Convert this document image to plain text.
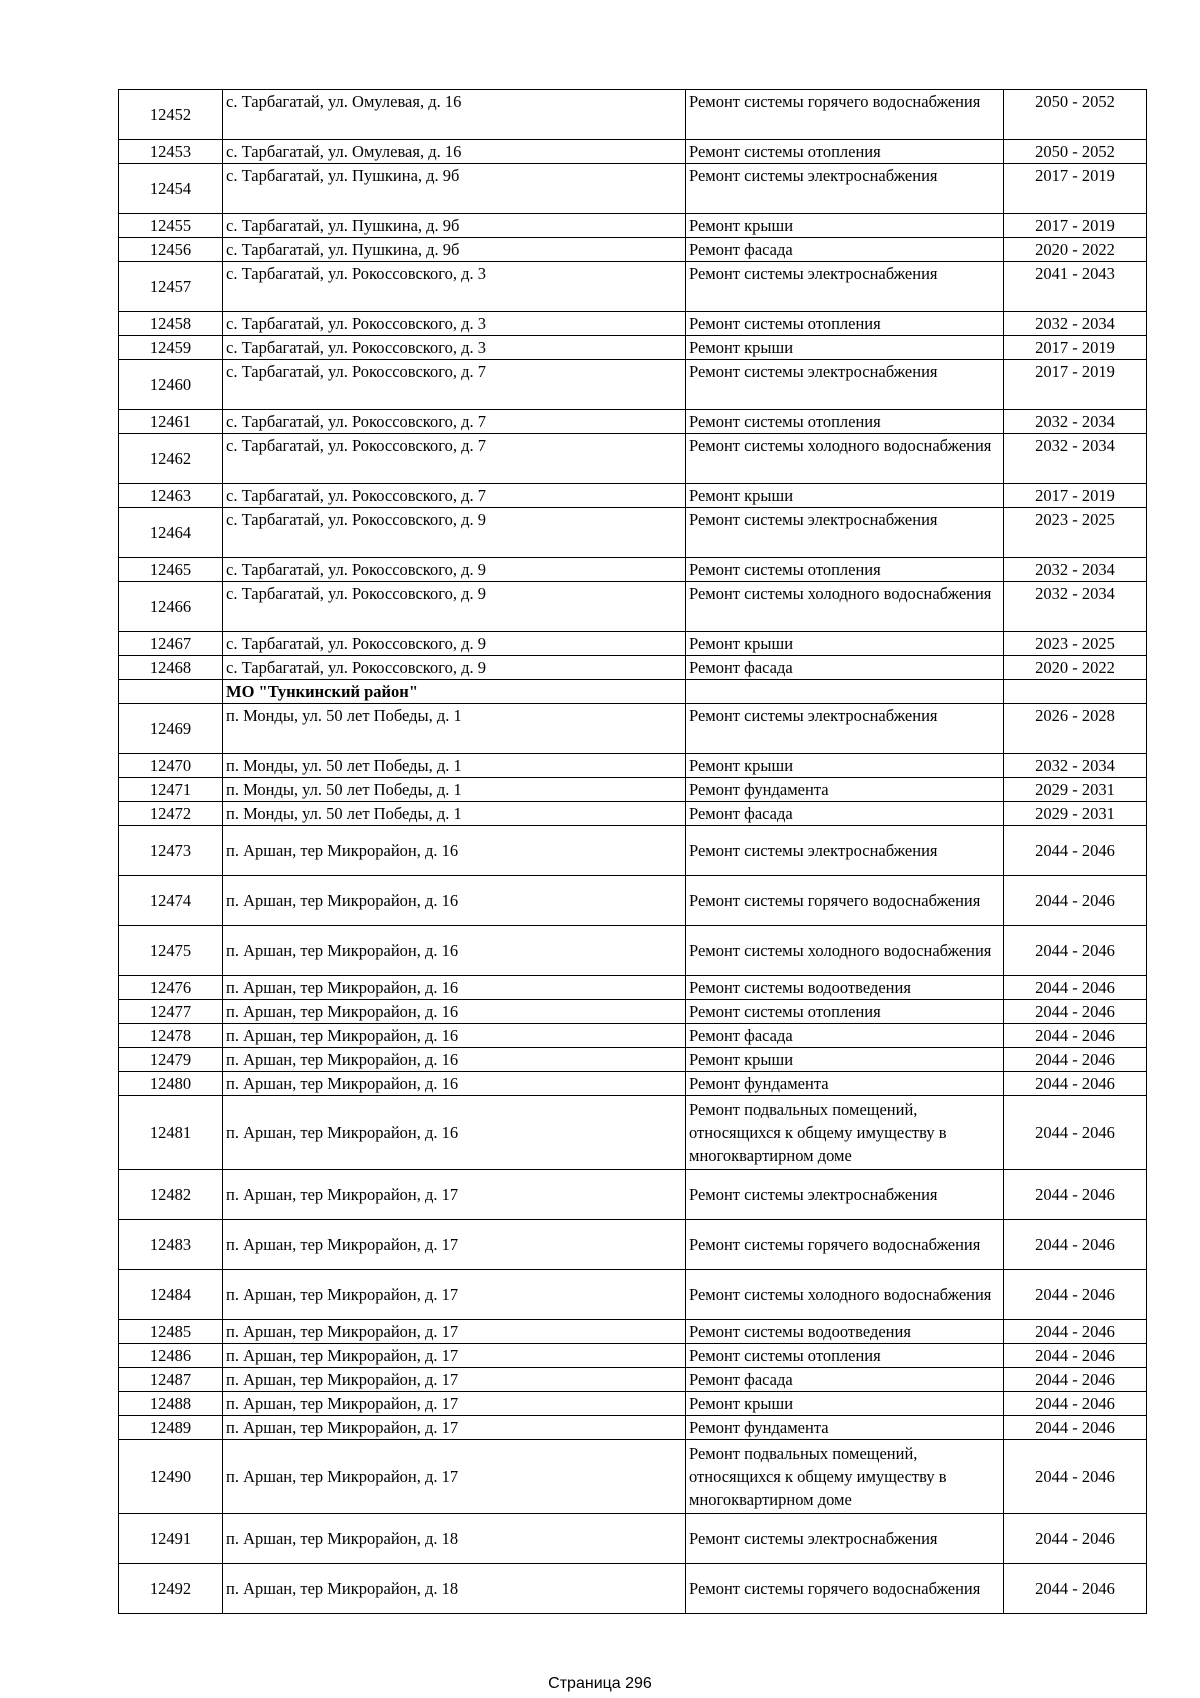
12452	с. Тарбагатай, ул. Омулевая, д. 16	Ремонт системы горячего водоснабжения	2050 - 2052
12453	с. Тарбагатай, ул. Омулевая, д. 16	Ремонт системы отопления	2050 - 2052
12454	с. Тарбагатай, ул. Пушкина, д. 9б	Ремонт системы электроснабжения	2017 - 2019
12455	с. Тарбагатай, ул. Пушкина, д. 9б	Ремонт крыши	2017 - 2019
12456	с. Тарбагатай, ул. Пушкина, д. 9б	Ремонт фасада	2020 - 2022
12457	с. Тарбагатай, ул. Рокоссовского, д. 3	Ремонт системы электроснабжения	2041 - 2043
12458	с. Тарбагатай, ул. Рокоссовского, д. 3	Ремонт системы отопления	2032 - 2034
12459	с. Тарбагатай, ул. Рокоссовского, д. 3	Ремонт крыши	2017 - 2019
12460	с. Тарбагатай, ул. Рокоссовского, д. 7	Ремонт системы электроснабжения	2017 - 2019
12461	с. Тарбагатай, ул. Рокоссовского, д. 7	Ремонт системы отопления	2032 - 2034
12462	с. Тарбагатай, ул. Рокоссовского, д. 7	Ремонт системы холодного водоснабжения	2032 - 2034
12463	с. Тарбагатай, ул. Рокоссовского, д. 7	Ремонт крыши	2017 - 2019
12464	с. Тарбагатай, ул. Рокоссовского, д. 9	Ремонт системы электроснабжения	2023 - 2025
12465	с. Тарбагатай, ул. Рокоссовского, д. 9	Ремонт системы отопления	2032 - 2034
12466	с. Тарбагатай, ул. Рокоссовского, д. 9	Ремонт системы холодного водоснабжения	2032 - 2034
12467	с. Тарбагатай, ул. Рокоссовского, д. 9	Ремонт крыши	2023 - 2025
12468	с. Тарбагатай, ул. Рокоссовского, д. 9	Ремонт фасада	2020 - 2022
	МО "Тункинский район"		
12469	п. Монды, ул. 50 лет Победы, д. 1	Ремонт системы электроснабжения	2026 - 2028
12470	п. Монды, ул. 50 лет Победы, д. 1	Ремонт крыши	2032 - 2034
12471	п. Монды, ул. 50 лет Победы, д. 1	Ремонт фундамента	2029 - 2031
12472	п. Монды, ул. 50 лет Победы, д. 1	Ремонт фасада	2029 - 2031
12473	п. Аршан, тер Микрорайон, д. 16	Ремонт системы электроснабжения	2044 - 2046
12474	п. Аршан, тер Микрорайон, д. 16	Ремонт системы горячего водоснабжения	2044 - 2046
12475	п. Аршан, тер Микрорайон, д. 16	Ремонт системы холодного водоснабжения	2044 - 2046
12476	п. Аршан, тер Микрорайон, д. 16	Ремонт системы водоотведения	2044 - 2046
12477	п. Аршан, тер Микрорайон, д. 16	Ремонт системы отопления	2044 - 2046
12478	п. Аршан, тер Микрорайон, д. 16	Ремонт фасада	2044 - 2046
12479	п. Аршан, тер Микрорайон, д. 16	Ремонт крыши	2044 - 2046
12480	п. Аршан, тер Микрорайон, д. 16	Ремонт фундамента	2044 - 2046
12481	п. Аршан, тер Микрорайон, д. 16	Ремонт подвальных помещений, относящихся к общему имуществу в многоквартирном доме	2044 - 2046
12482	п. Аршан, тер Микрорайон, д. 17	Ремонт системы электроснабжения	2044 - 2046
12483	п. Аршан, тер Микрорайон, д. 17	Ремонт системы горячего водоснабжения	2044 - 2046
12484	п. Аршан, тер Микрорайон, д. 17	Ремонт системы холодного водоснабжения	2044 - 2046
12485	п. Аршан, тер Микрорайон, д. 17	Ремонт системы водоотведения	2044 - 2046
12486	п. Аршан, тер Микрорайон, д. 17	Ремонт системы отопления	2044 - 2046
12487	п. Аршан, тер Микрорайон, д. 17	Ремонт фасада	2044 - 2046
12488	п. Аршан, тер Микрорайон, д. 17	Ремонт крыши	2044 - 2046
12489	п. Аршан, тер Микрорайон, д. 17	Ремонт фундамента	2044 - 2046
12490	п. Аршан, тер Микрорайон, д. 17	Ремонт подвальных помещений, относящихся к общему имуществу в многоквартирном доме	2044 - 2046
12491	п. Аршан, тер Микрорайон, д. 18	Ремонт системы электроснабжения	2044 - 2046
12492	п. Аршан, тер Микрорайон, д. 18	Ремонт системы горячего водоснабжения	2044 - 2046
Страница 296
